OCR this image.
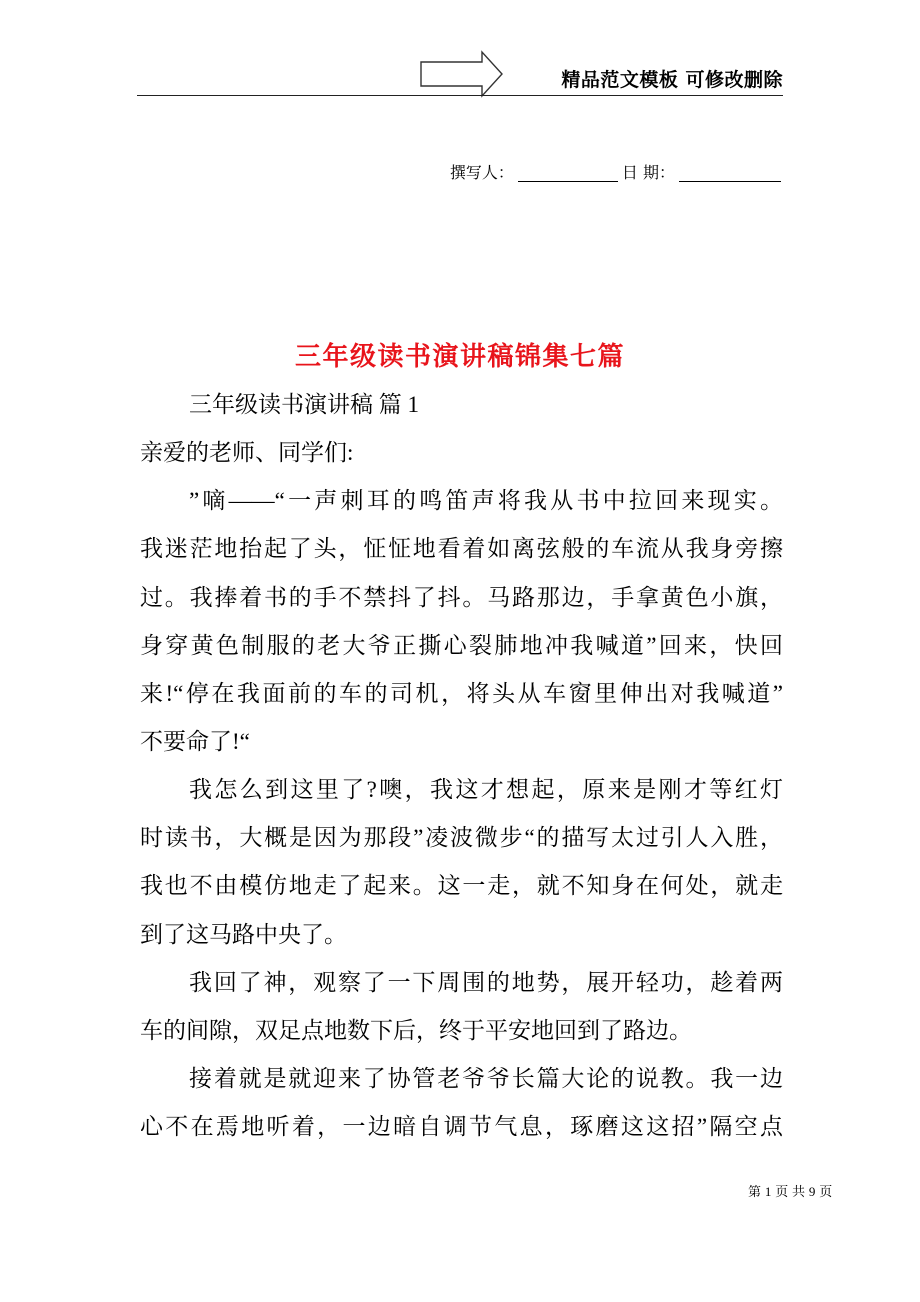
精品范文模板 可修改删除
撰写人：	日 期：
三年级读书演讲稿锦集七篇
三年级读书演讲稿 篇 1
亲爱的老师、同学们:
”嘀——“一声刺耳的鸣笛声将我从书中拉回来现实。
我迷茫地抬起了头，怔怔地看着如离弦般的车流从我身旁擦
过。我捧着书的手不禁抖了抖。马路那边，手拿黄色小旗，
身穿黄色制服的老大爷正撕心裂肺地冲我喊道”回来，快回
来!“停在我面前的车的司机，将头从车窗里伸出对我喊道”
不要命了!“
我怎么到这里了?噢，我这才想起，原来是刚才等红灯
时读书，大概是因为那段”凌波微步“的描写太过引人入胜，
我也不由模仿地走了起来。这一走，就不知身在何处，就走
到了这马路中央了。
我回了神，观察了一下周围的地势，展开轻功，趁着两
车的间隙，双足点地数下后，终于平安地回到了路边。
接着就是就迎来了协管老爷爷长篇大论的说教。我一边
心不在焉地听着，一边暗自调节气息，琢磨这这招”隔空点
第 1 页 共 9 页
